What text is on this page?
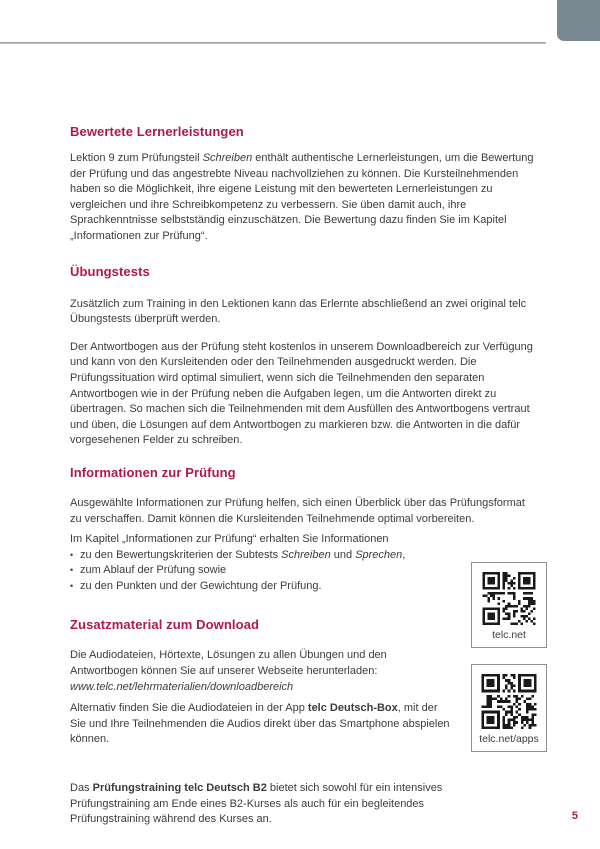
Bewertete Lernerleistungen

Lektion 9 zum Prüfungsteil Schreiben enthält authentische Lernerleistungen, um die Bewertung der Prüfung und das angestrebte Niveau nachvollziehen zu können. Die Kursteilnehmenden haben so die Möglichkeit, ihre eigene Leistung mit den bewerteten Lernerleistungen zu vergleichen und ihre Schreibkompetenz zu verbessern. Sie üben damit auch, ihre Sprachkenntnisse selbstständig einzuschätzen. Die Bewertung dazu finden Sie im Kapitel „Informationen zur Prüfung“.

Übungstests

Zusätzlich zum Training in den Lektionen kann das Erlernte abschließend an zwei original telc Übungstests überprüft werden.

Der Antwortbogen aus der Prüfung steht kostenlos in unserem Downloadbereich zur Verfügung und kann von den Kursleitenden oder den Teilnehmenden ausgedruckt werden. Die Prüfungssituation wird optimal simuliert, wenn sich die Teilnehmenden den separaten Antwortbogen wie in der Prüfung neben die Aufgaben legen, um die Antworten direkt zu übertragen. So machen sich die Teilnehmenden mit dem Ausfüllen des Antwortbogens vertraut und üben, die Lösungen auf dem Antwortbogen zu markieren bzw. die Antworten in die dafür vorgesehenen Felder zu schreiben.

Informationen zur Prüfung

Ausgewählte Informationen zur Prüfung helfen, sich einen Überblick über das Prüfungsformat zu verschaffen. Damit können die Kursleitenden Teilnehmende optimal vorbereiten.

Im Kapitel „Informationen zur Prüfung“ erhalten Sie Informationen

• zu den Bewertungskriterien der Subtests Schreiben und Sprechen,
• zum Ablauf der Prüfung sowie
• zu den Punkten und der Gewichtung der Prüfung.
Zusatzmaterial zum Download

Die Audiodateien, Hörtexte, Lösungen zu allen Übungen und den Antwortbogen können Sie auf unserer Webseite herunterladen:
www.telc.net/lehrmaterialien/downloadbereich

Alternativ finden Sie die Audiodateien in der App telc Deutsch-Box, mit der Sie und Ihre Teilnehmenden die Audios direkt über das Smartphone abspielen können.

Das Prüfungstraining telc Deutsch B2 bietet sich sowohl für ein intensives Prüfungstraining am Ende eines B2-Kurses als auch für ein begleitendes Prüfungstraining während des Kurses an.

telc.net
telc.net/apps
5
